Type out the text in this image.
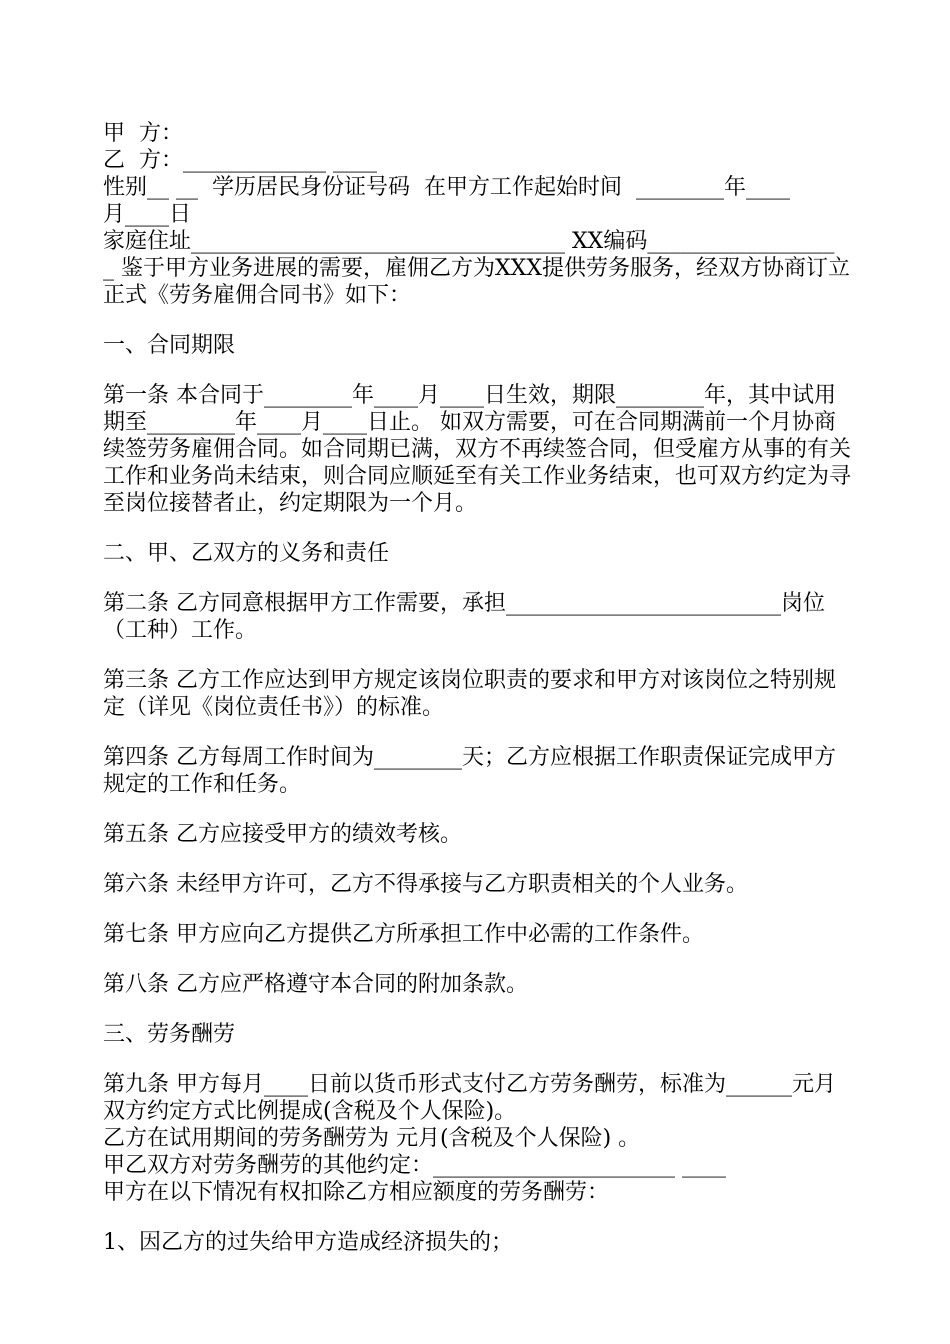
甲  方：

乙  方：_____________ ____

性别__ __  学历居民身份证号码  在甲方工作起始时间  ________年____

月____日

家庭住址__________________________________ XX编码_________________

_ 鉴于甲方业务进展的需要，雇佣乙方为XXX提供劳务服务，经双方协商订立正式《劳务雇佣合同书》如下：

一、合同期限

第一条 本合同于________年____月____日生效，期限________年，其中试用期至________年____月____日止。 如双方需要，可在合同期满前一个月协商续签劳务雇佣合同。如合同期已满，双方不再续签合同，但受雇方从事的有关工作和业务尚未结束，则合同应顺延至有关工作业务结束，也可双方约定为寻至岗位接替者止，约定期限为一个月。

二、甲、乙双方的义务和责任

第二条 乙方同意根据甲方工作需要，承担_________________________岗位（工种）工作。

第三条 乙方工作应达到甲方规定该岗位职责的要求和甲方对该岗位之特别规定（详见《岗位责任书》）的标准。

第四条 乙方每周工作时间为________天；乙方应根据工作职责保证完成甲方规定的工作和任务。

第五条 乙方应接受甲方的绩效考核。

第六条 未经甲方许可，乙方不得承接与乙方职责相关的个人业务。

第七条 甲方应向乙方提供乙方所承担工作中必需的工作条件。

第八条 乙方应严格遵守本合同的附加条款。

三、劳务酬劳

第九条 甲方每月____日前以货币形式支付乙方劳务酬劳，标准为______元月双方约定方式比例提成(含税及个人保险)。

乙方在试用期间的劳务酬劳为 元月(含税及个人保险) 。

甲乙双方对劳务酬劳的其他约定：______________________ ____

甲方在以下情况有权扣除乙方相应额度的劳务酬劳：

1、因乙方的过失给甲方造成经济损失的；
